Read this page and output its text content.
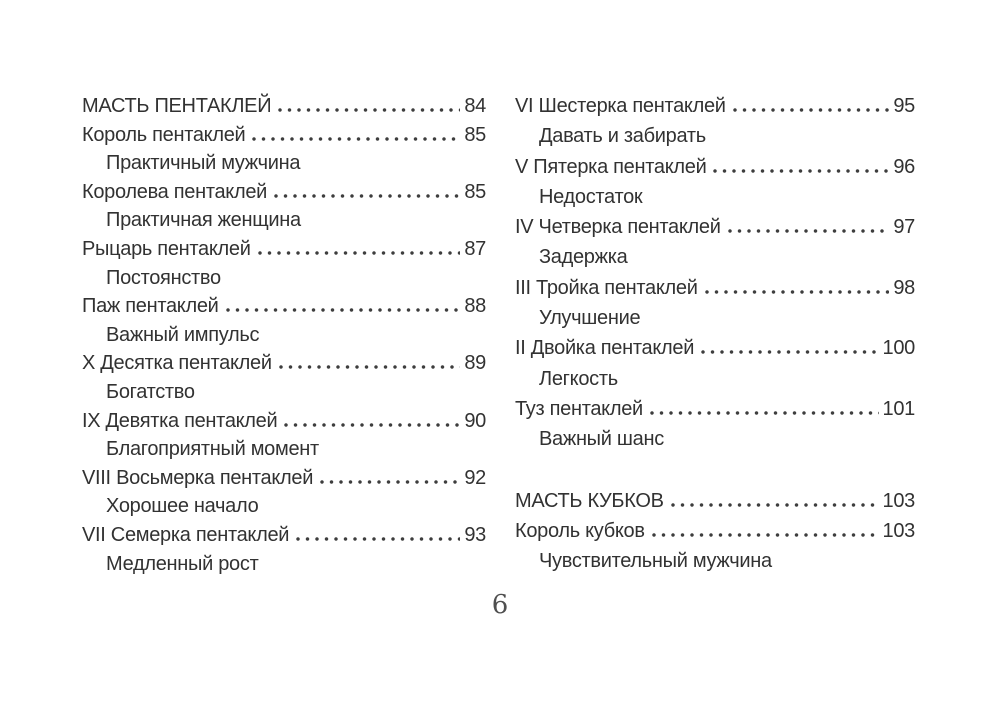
МАСТЬ ПЕНТАКЛЕЙ	84
Король пентаклей	85
Практичный мужчина
Королева пентаклей	85
Практичная женщина
Рыцарь пентаклей	87
Постоянство
Паж пентаклей	88
Важный импульс
X Десятка пентаклей	89
Богатство
IX Девятка пентаклей	90
Благоприятный момент
VIII Восьмерка пентаклей	92
Хорошее начало
VII Семерка пентаклей	93
Медленный рост
VI Шестерка пентаклей	95
Давать и забирать
V Пятерка пентаклей	96
Недостаток
IV Четверка пентаклей	97
Задержка
III Тройка пентаклей	98
Улучшение
II Двойка пентаклей	100
Легкость
Туз пентаклей	101
Важный шанс
МАСТЬ КУБКОВ	103
Король кубков	103
Чувствительный мужчина
6
